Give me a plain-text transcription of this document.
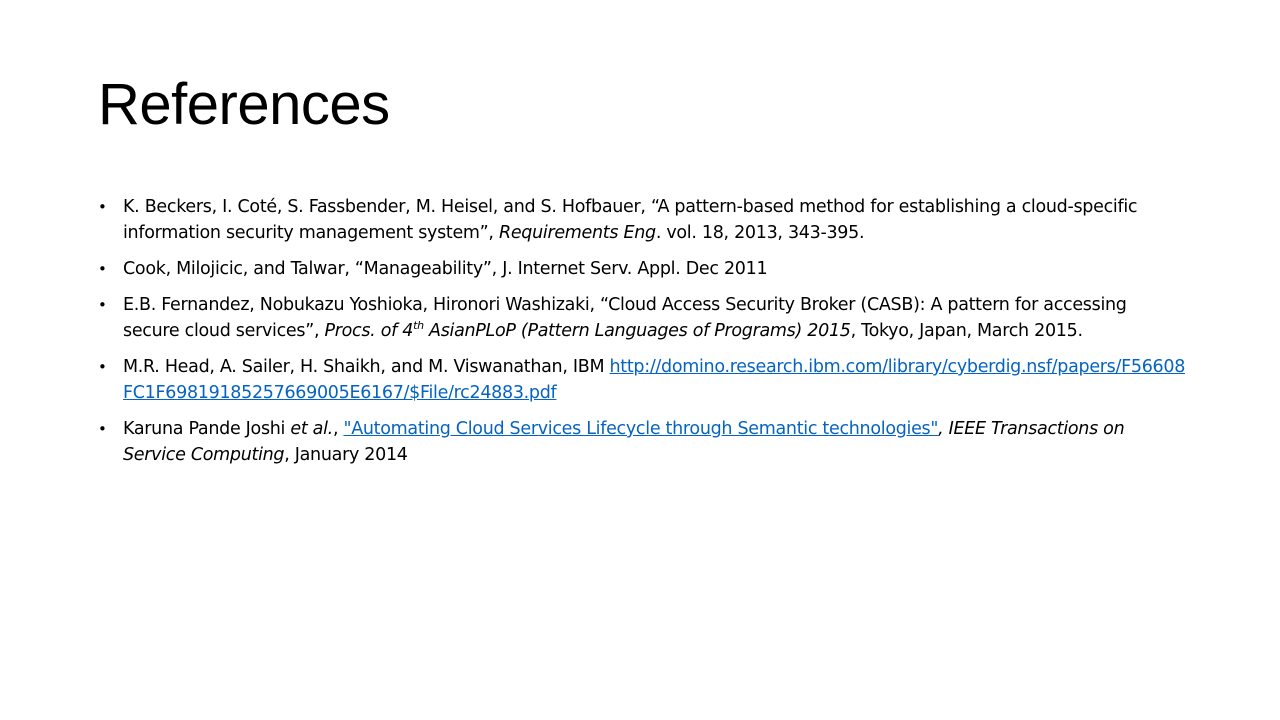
References
• K. Beckers, I. Coté, S. Fassbender, M. Heisel, and S. Hofbauer, “A pattern-based method for establishing a cloud-specific information security management system”, Requirements Eng. vol. 18, 2013, 343-395.
• Cook, Milojicic, and Talwar, “Manageability”, J. Internet Serv. Appl. Dec 2011
• E.B. Fernandez, Nobukazu Yoshioka, Hironori Washizaki, “Cloud Access Security Broker (CASB): A pattern for accessing secure cloud services”, Procs. of 4th AsianPLoP (Pattern Languages of Programs) 2015, Tokyo, Japan, March 2015.
• M.R. Head, A. Sailer, H. Shaikh, and M. Viswanathan, IBM http://domino.research.ibm.com/library/cyberdig.nsf/papers/F56608FC1F69819185257669005E6167/$File/rc24883.pdf
• Karuna Pande Joshi et al., "Automating Cloud Services Lifecycle through Semantic technologies", IEEE Transactions on Service Computing, January 2014
